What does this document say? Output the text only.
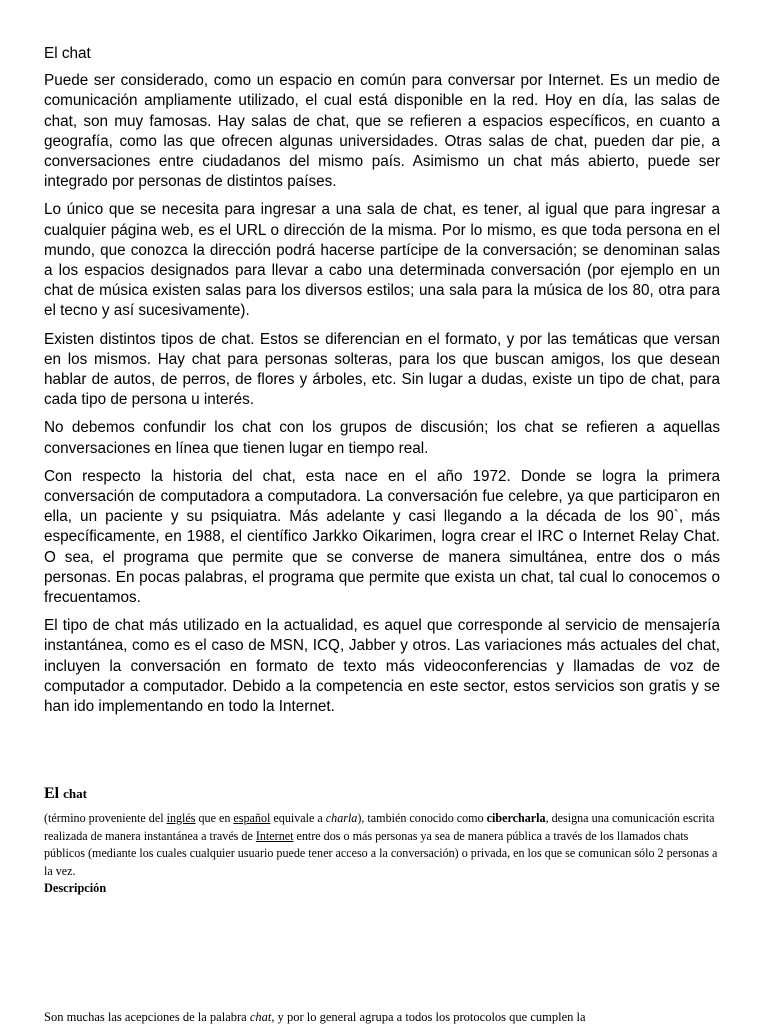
El chat

Puede ser considerado, como un espacio en común para conversar por Internet. Es un medio de comunicación ampliamente utilizado, el cual está disponible en la red. Hoy en día, las salas de chat, son muy famosas. Hay salas de chat, que se refieren a espacios específicos, en cuanto a geografía, como las que ofrecen algunas universidades. Otras salas de chat, pueden dar pie, a conversaciones entre ciudadanos del mismo país. Asimismo un chat más abierto, puede ser integrado por personas de distintos países.

Lo único que se necesita para ingresar a una sala de chat, es tener, al igual que para ingresar a cualquier página web, es el URL o dirección de la misma. Por lo mismo, es que toda persona en el mundo, que conozca la dirección podrá hacerse partícipe de la conversación; se denominan salas a los espacios designados para llevar a cabo una determinada conversación (por ejemplo en un chat de música existen salas para los diversos estilos; una sala para la música de los 80, otra para el tecno y así sucesivamente).

Existen distintos tipos de chat. Estos se diferencian en el formato, y por las temáticas que versan en los mismos. Hay chat para personas solteras, para los que buscan amigos, los que desean hablar de autos, de perros, de flores y árboles, etc. Sin lugar a dudas, existe un tipo de chat, para cada tipo de persona u interés.

No debemos confundir los chat con los grupos de discusión; los chat se refieren a aquellas conversaciones en línea que tienen lugar en tiempo real.

Con respecto la historia del chat, esta nace en el año 1972. Donde se logra la primera conversación de computadora a computadora. La conversación fue celebre, ya que participaron en ella, un paciente y su psiquiatra. Más adelante y casi llegando a la década de los 90`, más específicamente, en 1988, el científico Jarkko Oikarimen, logra crear el IRC o Internet Relay Chat. O sea, el programa que permite que se converse de manera simultánea, entre dos o más personas. En pocas palabras, el programa que permite que exista un chat, tal cual lo conocemos o frecuentamos.

El tipo de chat más utilizado en la actualidad, es aquel que corresponde al servicio de mensajería instantánea, como es el caso de MSN, ICQ, Jabber y otros. Las variaciones más actuales del chat, incluyen la conversación en formato de texto más videoconferencias y llamadas de voz de computador a computador. Debido a la competencia en este sector, estos servicios son gratis y se han ido implementando en todo la Internet.

El chat

(término proveniente del inglés que en español equivale a charla), también conocido como cibercharla, designa una comunicación escrita realizada de manera instantánea a través de Internet entre dos o más personas ya sea de manera pública a través de los llamados chats públicos (mediante los cuales cualquier usuario puede tener acceso a la conversación) o privada, en los que se comunican sólo 2 personas a la vez.

Descripción

Son muchas las acepciones de la palabra chat, y por lo general agrupa a todos los protocolos que cumplen la
